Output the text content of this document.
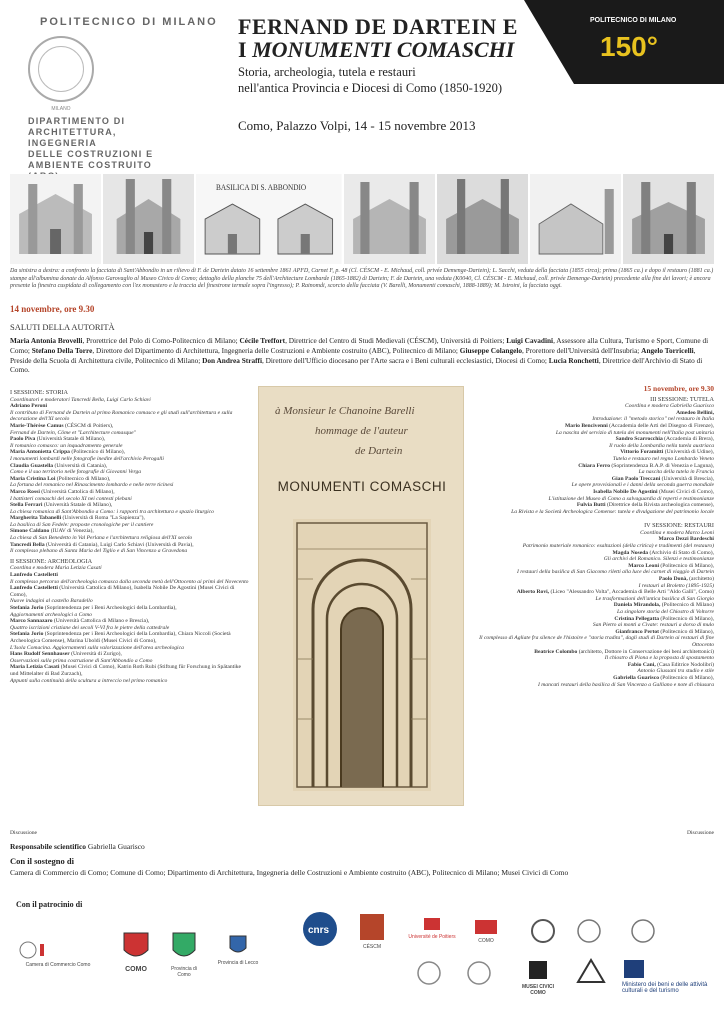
POLITECNICO DI MILANO
MILANO
DIPARTIMENTO DI
ARCHITETTURA, INGEGNERIA
DELLE COSTRUZIONI E
AMBIENTE COSTRUITO
FERNAND DE DARTEIN E
I MONUMENTI COMASCHI
Storia, archeologia, tutela e restauri
nell'antica Provincia e Diocesi di Como (1850-1920)
Como, Palazzo Volpi, 14 - 15 novembre 2013
POLITECNICO DI MILANO
150°
BASILICA DI S. ABBONDIO
Da sinistra a destra: a confronto la facciata di Sant'Abbondio in un rilievo di F. de Dartein datato 16 settembre 1861 APFD, Carnet F, p. 48 (Cl. CÉSCM - E. Michaud, coll. privée Demenge-Dartein); L. Sacchi, veduta della facciata (1855 circa); prima (1865 ca.) e dopo il restauro (1881 ca.) stampe all'albumina donate da Alfonso Garovaglio al Museo Civico di Como; dettaglio della planche 75 dell'Architecture Lombarde (1865-1882) di Dartein; F. de Dartein, una veduta (K0040, Cl. CÉSCM - E. Michaud, coll. privée Demenge-Dartein) precedente alla fine dei lavori; è ancora presente la finestra cuspidata di collegamento con l'ex monastero e la traccia del finestrone termale sopra l'ingresso); P. Rainomdi, scorcio della facciata (V. Barelli, Monumenti comaschi, 1888-1889); M. Istroini, la facciata oggi.
14 novembre, ore 9.30
SALUTI DELLA AUTORITÀ
Maria Antonia Brovelli, Prorettrice del Polo di Como-Politecnico di Milano; Cécile Treffort, Direttrice del Centro di Studi Medievali (CÉSCM), Università di Poitiers; Luigi Cavadini, Assessore alla Cultura, Turismo e Sport, Comune di Como; Stefano Della Torre, Direttore del Dipartimento di Architettura, Ingegneria delle Costruzioni e Ambiente costruito (ABC), Politecnico di Milano; Giuseppe Colangelo, Prorettore dell'Università dell'Insubria; Angelo Torricelli, Preside della Scuola di Architettura civile, Politecnico di Milano; Don Andrea Straffi, Direttore dell'Ufficio diocesano per l'Arte sacra e i Beni culturali ecclesiastici, Diocesi di Como; Lucia Ronchetti, Direttrice dell'Archivio di Stato di Como.
I SESSIONE: STORIA
Coordinatori e moderatori Tancredi Bella, Luigi Carlo Schiavi
Adriano Peroni
Il contributo di Fernand de Dartein al primo Romanico comasco e gli studi sull'architettura e sulla decorazione dell'XI secolo
Marie-Thérèse Camus (CÉSCM di Poitiers),
Fernand de Dartein, Côme et "Larchitecture comasque"
Paolo Piva (Università Statale di Milano),
Il romanico comasco: un inquadramento generale
Maria Antonietta Crippa (Politecnico di Milano),
I monumenti lombardi nelle fotografie inedite dell'archivio Perogalli
Claudia Guastella (Università di Catania),
Como e il suo territorio nelle fotografie di Giovanni Verga
Maria Cristina Loi (Politecnico di Milano),
La fortuna del romanico nel Rinascimento lombardo e nelle terre ticinesi
Marco Rossi (Università Cattolica di Milano),
I battisteri comaschi del secolo XI nei contesti plebani
Stella Ferrari (Università Statale di Milano),
La chiesa romanica di Sant'Abbondio a Como: i rapporti tra architettura e spazio liturgico
Margherita Tabanelli (Università di Roma "La Sapienza"),
La basilica di San Fedele: proposte cronologiche per il cantiere
Simone Caldano (IUAV di Venezia),
La chiesa di San Benedetto in Val Perlana e l'architettura religiosa dell'XI secolo
Tancredi Bella (Università di Catania), Luigi Carlo Schiavi (Università di Pavia),
Il complesso plebano di Santa Maria del Tiglio e di San Vincenzo a Gravedona
II SESSIONE: ARCHEOLOGIA
Coordina e modera Maria Letizia Casati
Lanfredo Castelletti
Il complesso percorso dell'archeologia comasca dalla seconda metà dell'Ottocento ai primi del Novecento
Lanfredo Castelletti (Università Cattolica di Milano), Isabella Nobile De Agostini (Musei Civici di Como),
Nuove indagini al castello Baradello
Stefania Jorio (Soprintendenza per i Beni Archeologici della Lombardia),
Aggiornamenti archeologici a Como
Marco Sannazaro (Università Cattolica di Milano e Brescia),
Quattro iscrizioni cristiane dei secoli V-VI fra le pietre della cattedrale
Stefania Jorio (Soprintendenza per i Beni Archeologici della Lombardia), Chiara Niccoli (Società Archeologica Comense), Marina Uboldi (Musei Civici di Como),
L'Isola Comacina. Aggiornamenti sulla valorizzazione dell'area archeologica
Hans Rudolf Sennhauser (Università di Zurigo),
Osservazioni sulla prima costruzione di Sant'Abbondio a Como
Maria Letizia Casati (Musei Civici di Como), Katrin Roth Rubi (Stiftung für Forschung in Spätantike und Mittelalter di Bad Zurzach),
Appunti sulla continuità della scultura a intreccio nel primo romanico
Discussione
à Monsieur le Chanoine Barelli
hommage de l'auteur
de Dartein
MONUMENTI COMASCHI
15 novembre, ore 9.30
III SESSIONE: TUTELA
Coordina e modera Gabriella Guarisco
Amedeo Bellini,
Introduzione: il "metodo storico" nel restauro in Italia
Mario Bencivenni (Accademia delle Arti del Disegno di Firenze),
La nascita del servizio di tutela dei monumenti nell'Italia post unitaria
Sandro Scarrocchia (Accademia di Brera),
Il ruolo della Lombardia nella tutela austriaca
Vittorio Foramitti (Università di Udine),
Tutela e restauro nel regno Lombardo Veneto
Chiara Ferro (Soprintendenza B.A.P. di Venezia e Laguna),
La nascita della tutela in Francia
Gian Paolo Treccani (Università di Brescia),
Le opere provvisionali e i danni della seconda guerra mondiale
Isabella Nobile De Agostini (Musei Civici di Como),
L'istituzione del Museo di Como a salvaguardia di reperti e testimonianze
Fulvia Butti (Direttrice della Rivista archeologica comense),
La Rivista e la Società Archeologica Comense: tutela e divulgazione del patrimonio locale
IV SESSIONE: RESTAURI
Coordina e modera Marco Leoni
Marco Dezzi Bardeschi
Patrimonio materiale romanico: esaltazioni (della critica) e tradimenti (del restauro)
Magda Noseda (Archivio di Stato di Como),
Gli archivi del Romanico. Silenzi e testimonianze
Marco Leoni (Politecnico di Milano),
I restauri della basilica di San Giacomo riletti alla luce dei carnet di viaggio di Dartein
Paolo Donà, (architetto)
I restauri al Broletto (1895-1925)
Alberto Rovi, (Liceo "Alessandro Volta", Accademia di Belle Arti "Aldo Galli", Como)
Le trasformazioni dell'antica basilica di San Giorgio
Daniela Mirandola, (Politecnico di Milano)
La singolare storia del Chiostro di Voltorre
Cristina Pellegatta (Politecnico di Milano),
San Pietro ai monti a Civate: restauri a dorso di mulo
Gianfranco Pertot (Politecnico di Milano),
Il complesso di Agliate fra silence de l'histoire e "storia tradita", dagli studi di Dartein ai restauri di fine Ottocento
Beatrice Colombo (architetto, Dottore in Conservazione dei beni architettonici)
Il chiostro di Piona e la proposta di spostamento
Fabio Cani, (Casa Editrice Nodolibri)
Antonio Giussani tra studio e stile
Gabriella Guarisco (Politecnico di Milano),
I mancati restauri della basilica di San Vincenzo a Galliano e note di chiusura
Discussione
Responsabile scientifico Gabriella Guarisco
Con il sostegno di
Camera di Commercio di Como; Comune di Como; Dipartimento di Architettura, Ingegneria delle Costruzioni e Ambiente costruito (ABC), Politecnico di Milano; Musei Civici di Como
Con il patrocinio di
Camera di Commercio Como
COMO	Provincia di Como
Provincia di Lecco
cnrs
CÉSCM
Université de Poitiers
COMO
MUSEI CIVICI COMO
Ministero dei beni e delle attività culturali e del turismo
